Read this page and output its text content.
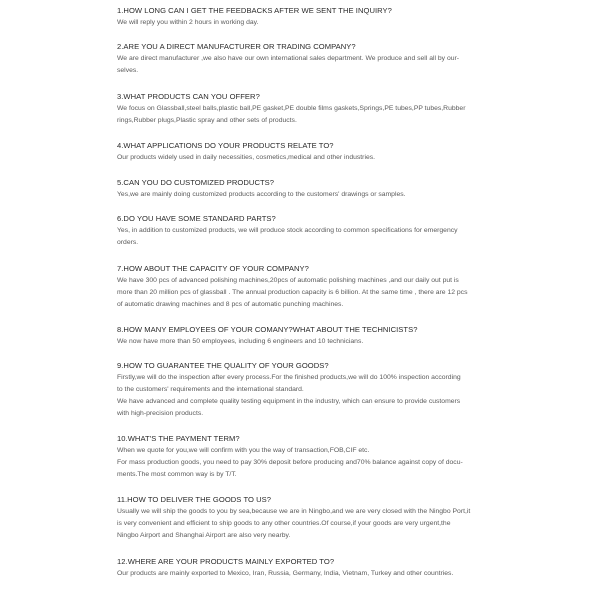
1.HOW LONG CAN I GET THE FEEDBACKS AFTER WE SENT THE INQUIRY?

We will reply you within 2 hours in working day.

2.ARE YOU A DIRECT MANUFACTURER OR TRADING COMPANY?

We are direct manufacturer ,we also have our own international sales department. We produce and sell all by our-
selves.

3.WHAT PRODUCTS CAN YOU OFFER?

We focus on Glassball,steel balls,plastic ball,PE gasket,PE double films gaskets,Springs,PE tubes,PP tubes,Rubber
rings,Rubber plugs,Plastic spray and other sets of products.

4.WHAT APPLICATIONS DO YOUR PRODUCTS RELATE TO?

Our products widely used in daily necessities, cosmetics,medical and other industries.

5.CAN YOU DO CUSTOMIZED PRODUCTS?

Yes,we are mainly doing customized products according to the customers' drawings or samples.

6.DO YOU HAVE SOME STANDARD PARTS?

Yes, in addition to customized products, we will produce stock according to common specifications for emergency
orders.

7.HOW ABOUT THE CAPACITY OF YOUR COMPANY?

We have 300 pcs of advanced polishing machines,20pcs of automatic polishing machines ,and our daily out put is
more than 20 million pcs of glassball . The annual production capacity is 6 billion. At the same time , there are 12 pcs
of automatic drawing machines and 8 pcs of automatic punching machines.

8.HOW MANY EMPLOYEES OF YOUR COMANY?WHAT ABOUT THE TECHNICISTS?

We now have more than 50 employees, including 6 engineers and 10 technicians.

9.HOW TO GUARANTEE THE QUALITY OF YOUR GOODS?

Firstly,we will do the inspection after every process.For the finished products,we will do 100% inspection according
to the customers' requirements and the international standard.
We have advanced and complete quality testing equipment in the industry, which can ensure to provide customers
with high-precision products.

10.WHAT'S THE PAYMENT TERM?

When we quote for you,we will confirm with you the way of transaction,FOB,CIF etc.
For mass production goods, you need to pay 30% deposit before producing and70% balance against copy of docu-
ments.The most common way is by T/T.

11.HOW TO DELIVER THE GOODS TO US?

Usually we will ship the goods to you by sea,because we are in Ningbo,and we are very closed with the Ningbo Port,it
is very convenient and efficient to ship goods to any other countries.Of course,if your goods are very urgent,the
Ningbo Airport and Shanghai Airport are also very nearby.

12.WHERE ARE YOUR PRODUCTS MAINLY EXPORTED TO?

Our products are mainly exported to Mexico, Iran, Russia, Germany, India, Vietnam, Turkey and other countries.
